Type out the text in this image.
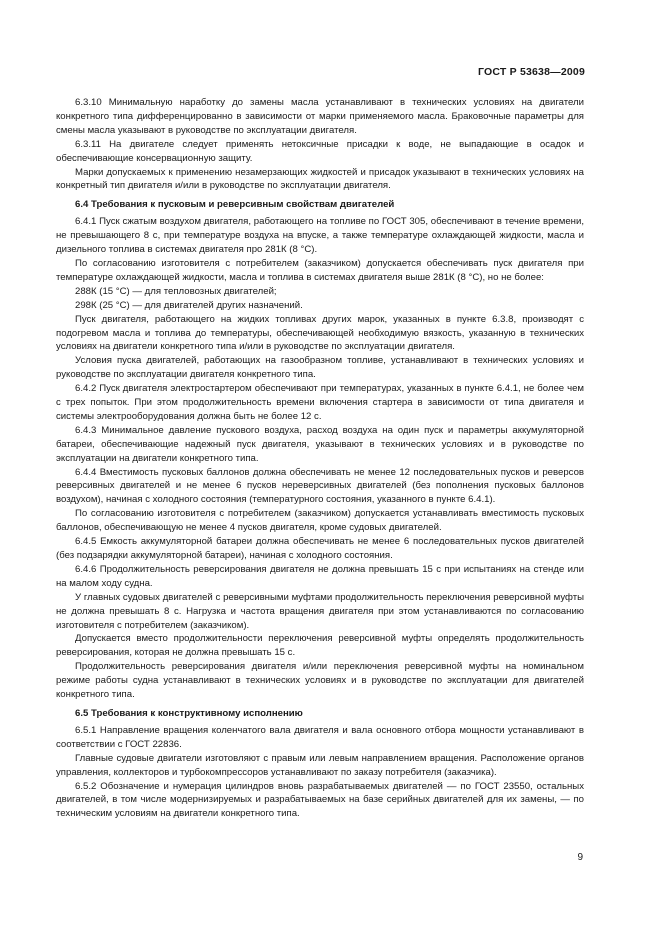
ГОСТ Р 53638—2009

6.3.10 Минимальную наработку до замены масла устанавливают в технических условиях на двигатели конкретного типа дифференцированно в зависимости от марки применяемого масла. Браковочные параметры для смены масла указывают в руководстве по эксплуатации двигателя.

6.3.11 На двигателе следует применять нетоксичные присадки к воде, не выпадающие в осадок и обеспечивающие консервационную защиту.

Марки допускаемых к применению незамерзающих жидкостей и присадок указывают в технических условиях на конкретный тип двигателя и/или в руководстве по эксплуатации двигателя.

6.4 Требования к пусковым и реверсивным свойствам двигателей

6.4.1 Пуск сжатым воздухом двигателя, работающего на топливе по ГОСТ 305, обеспечивают в течение времени, не превышающего 8 с, при температуре воздуха на впуске, а также температуре охлаждающей жидкости, масла и дизельного топлива в системах двигателя про 281К (8 °С).

По согласованию изготовителя с потребителем (заказчиком) допускается обеспечивать пуск двигателя при температуре охлаждающей жидкости, масла и топлива в системах двигателя выше 281К (8 °С), но не более:

288К (15 °С) — для тепловозных двигателей;

298К (25 °С) — для двигателей других назначений.

Пуск двигателя, работающего на жидких топливах других марок, указанных в пункте 6.3.8, производят с подогревом масла и топлива до температуры, обеспечивающей необходимую вязкость, указанную в технических условиях на двигатели конкретного типа и/или в руководстве по эксплуатации двигателя.

Условия пуска двигателей, работающих на газообразном топливе, устанавливают в технических условиях и руководстве по эксплуатации двигателя конкретного типа.

6.4.2 Пуск двигателя электростартером обеспечивают при температурах, указанных в пункте 6.4.1, не более чем с трех попыток. При этом продолжительность времени включения стартера в зависимости от типа двигателя и системы электрооборудования должна быть не более 12 с.

6.4.3 Минимальное давление пускового воздуха, расход воздуха на один пуск и параметры аккумуляторной батареи, обеспечивающие надежный пуск двигателя, указывают в технических условиях и в руководстве по эксплуатации на двигатели конкретного типа.

6.4.4 Вместимость пусковых баллонов должна обеспечивать не менее 12 последовательных пусков и реверсов реверсивных двигателей и не менее 6 пусков нереверсивных двигателей (без пополнения пусковых баллонов воздухом), начиная с холодного состояния (температурного состояния, указанного в пункте 6.4.1).

По согласованию изготовителя с потребителем (заказчиком) допускается устанавливать вместимость пусковых баллонов, обеспечивающую не менее 4 пусков двигателя, кроме судовых двигателей.

6.4.5 Емкость аккумуляторной батареи должна обеспечивать не менее 6 последовательных пусков двигателей (без подзарядки аккумуляторной батареи), начиная с холодного состояния.

6.4.6 Продолжительность реверсирования двигателя не должна превышать 15 с при испытаниях на стенде или на малом ходу судна.

У главных судовых двигателей с реверсивными муфтами продолжительность переключения реверсивной муфты не должна превышать 8 с. Нагрузка и частота вращения двигателя при этом устанавливаются по согласованию изготовителя с потребителем (заказчиком).

Допускается вместо продолжительности переключения реверсивной муфты определять продолжительность реверсирования, которая не должна превышать 15 с.

Продолжительность реверсирования двигателя и/или переключения реверсивной муфты на номинальном режиме работы судна устанавливают в технических условиях и в руководстве по эксплуатации для двигателей конкретного типа.

6.5 Требования к конструктивному исполнению

6.5.1 Направление вращения коленчатого вала двигателя и вала основного отбора мощности устанавливают в соответствии с ГОСТ 22836.

Главные судовые двигатели изготовляют с правым или левым направлением вращения. Расположение органов управления, коллекторов и турбокомпрессоров устанавливают по заказу потребителя (заказчика).

6.5.2 Обозначение и нумерация цилиндров вновь разрабатываемых двигателей — по ГОСТ 23550, остальных двигателей, в том числе модернизируемых и разрабатываемых на базе серийных двигателей для их замены, — по техническим условиям на двигатели конкретного типа.

9
